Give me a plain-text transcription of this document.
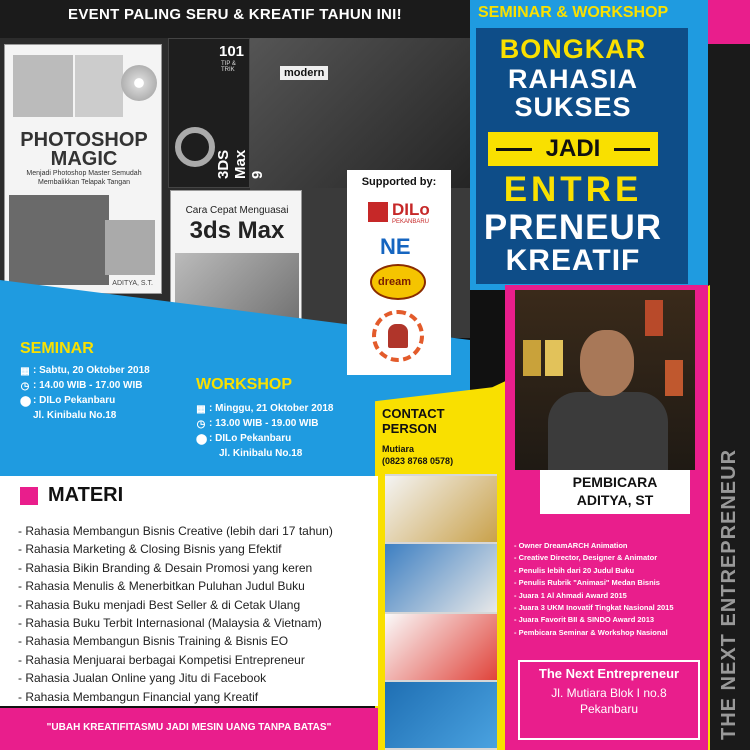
EVENT PALING SERU & KREATIF TAHUN INI!
modern
PHOTOSHOP MAGIC
Menjadi Photoshop Master Semudah Membalikkan Telapak Tangan
ADITYA, S.T.
101
TIP & TRIK
3DS Max 9
Cara Cepat Menguasai
3ds Max
SEMINAR & WORKSHOP
BONGKAR
RAHASIA
SUKSES
JADI
ENTRE
PRENEUR
KREATIF
Supported by:
DILo
PEKANBARU
NE
dream
SEMINAR
▦ : Sabtu, 20 Oktober 2018
◷ : 14.00 WIB - 17.00 WIB
⬤ : DILo Pekanbaru
Jl. Kinibalu No.18
WORKSHOP
▦ : Minggu, 21 Oktober 2018
◷ : 13.00 WIB - 19.00 WIB
⬤ : DILo Pekanbaru
Jl. Kinibalu No.18
PEMBICARA
ADITYA, ST
CONTACT
PERSON
Mutiara
(0823 8768 0578)
- Owner DreamARCH Animation
- Creative Director, Designer & Animator
- Penulis lebih dari 20 Judul Buku
- Penulis Rubrik "Animasi" Medan Bisnis
- Juara 1 Al Ahmadi Award 2015
- Juara 3 UKM Inovatif Tingkat Nasional 2015
- Juara Favorit BII & SINDO Award 2013
- Pembicara Seminar & Workshop Nasional
The Next Entrepreneur
Jl. Mutiara Blok I no.8
Pekanbaru	THE NEXT ENTREPRENEUR
MATERI
- Rahasia Membangun Bisnis Creative (lebih dari 17 tahun)
- Rahasia Marketing & Closing Bisnis yang Efektif
- Rahasia Bikin Branding & Desain Promosi yang keren
- Rahasia Menulis & Menerbitkan Puluhan Judul Buku
- Rahasia Buku menjadi Best Seller & di Cetak Ulang
- Rahasia Buku Terbit Internasional (Malaysia & Vietnam)
- Rahasia Membangun Bisnis Training & Bisnis EO
- Rahasia Menjuarai berbagai Kompetisi Entrepreneur
- Rahasia Jualan Online yang Jitu di Facebook
- Rahasia Membangun Financial yang Kreatif
"UBAH KREATIFITASMU JADI MESIN UANG TANPA BATAS"
